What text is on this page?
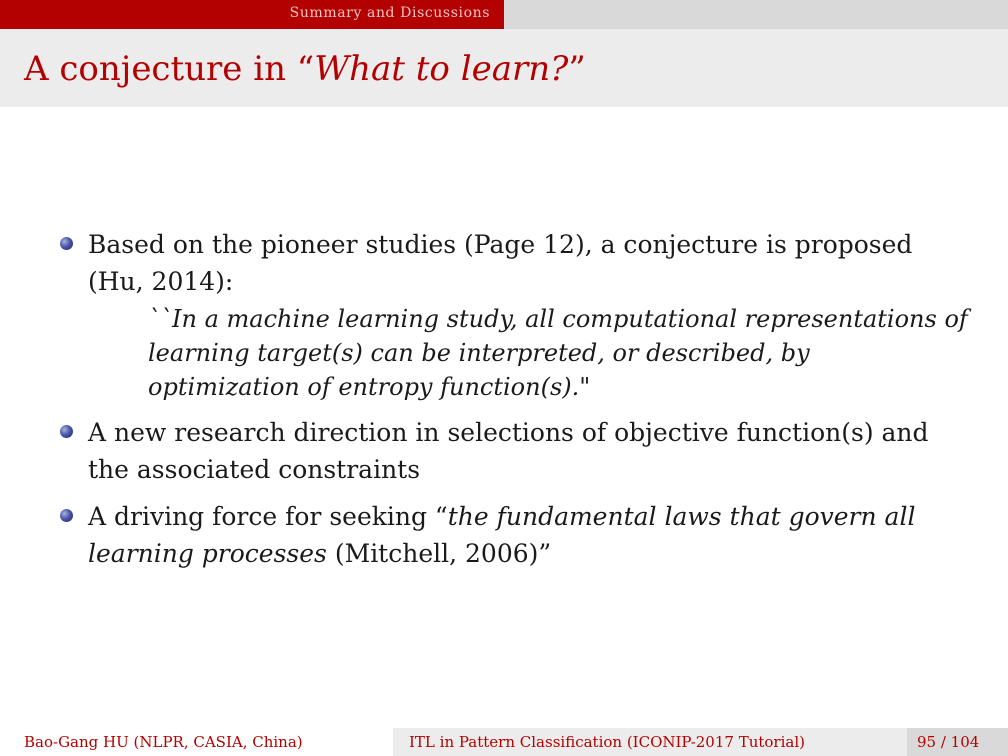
Summary and Discussions
A conjecture in “What to learn?”
Based on the pioneer studies (Page 12), a conjecture is proposed (Hu, 2014):
``In a machine learning study, all computational representations of learning target(s) can be interpreted, or described, by optimization of entropy function(s)."
A new research direction in selections of objective function(s) and the associated constraints
A driving force for seeking “the fundamental laws that govern all learning processes (Mitchell, 2006)”
Bao-Gang HU (NLPR, CASIA, China)	ITL in Pattern Classification (ICONIP-2017 Tutorial)	95 / 104
